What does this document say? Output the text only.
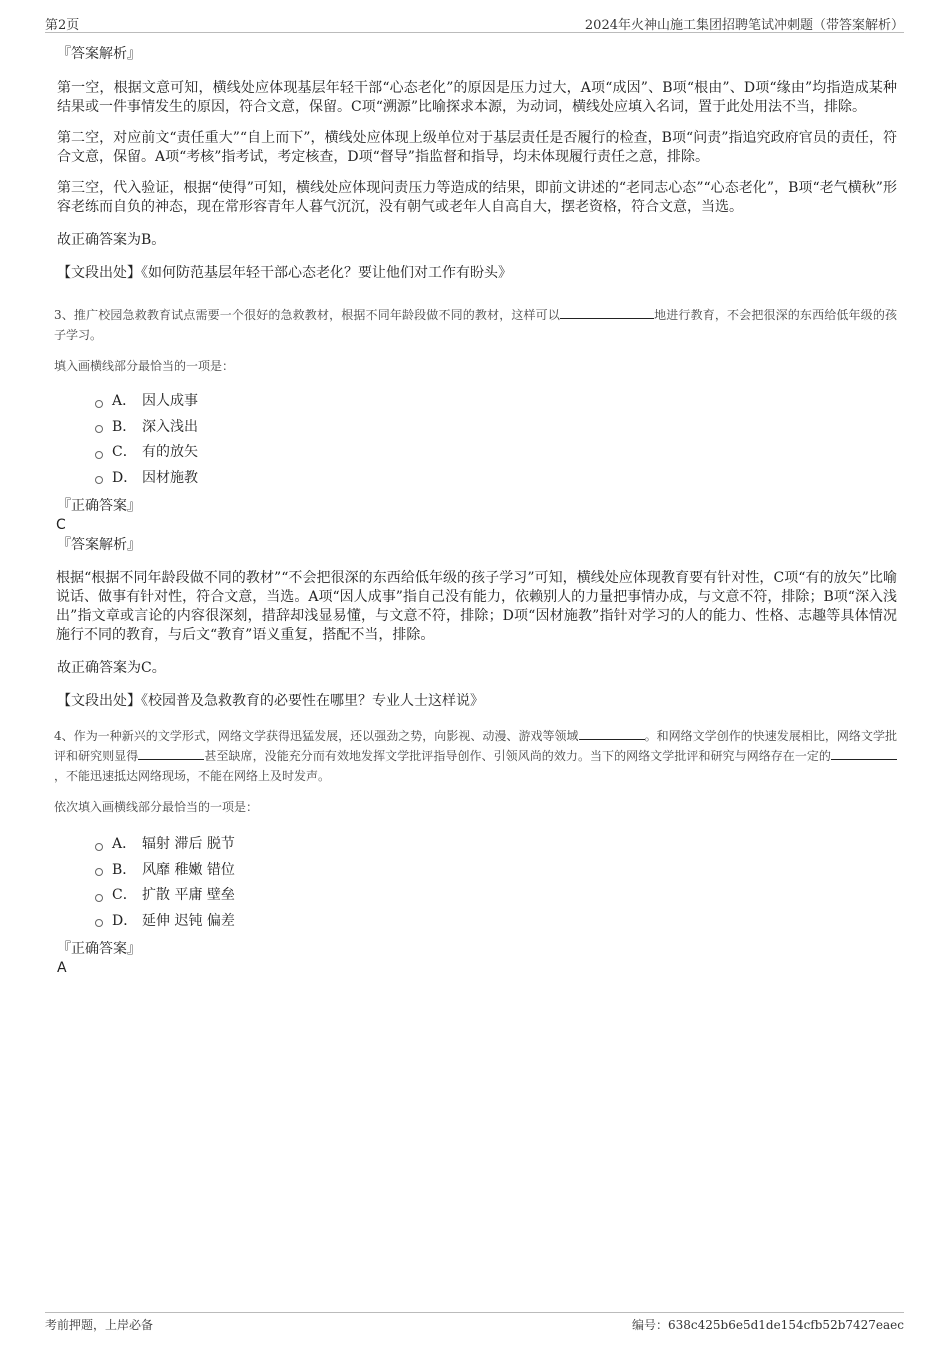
第2页	2024年火神山施工集团招聘笔试冲刺题（带答案解析）

『答案解析』

第一空，根据文意可知，横线处应体现基层年轻干部“心态老化”的原因是压力过大，A项“成因”、B项“根由”、D项“缘由”均指造成某种结果或一件事情发生的原因，符合文意，保留。C项“溯源”比喻探求本源，为动词，横线处应填入名词，置于此处用法不当，排除。

第二空，对应前文“责任重大”“自上而下”，横线处应体现上级单位对于基层责任是否履行的检查，B项“问责”指追究政府官员的责任，符合文意，保留。A项“考核”指考试，考定核查，D项“督导”指监督和指导，均未体现履行责任之意，排除。

第三空，代入验证，根据“使得”可知，横线处应体现问责压力等造成的结果，即前文讲述的“老同志心态”“心态老化”，B项“老气横秋”形容老练而自负的神态，现在常形容青年人暮气沉沉，没有朝气或老年人自高自大，摆老资格，符合文意，当选。

故正确答案为B。

【文段出处】《如何防范基层年轻干部心态老化？要让他们对工作有盼头》

3、推广校园急救教育试点需要一个很好的急救教材，根据不同年龄段做不同的教材，这样可以	地进行教育，不会把很深的东西给低年级的孩子学习。

填入画横线部分最恰当的一项是：

A． 因人成事
B． 深入浅出
C． 有的放矢
D． 因材施教

『正确答案』

C

『答案解析』

根据“根据不同年龄段做不同的教材”“不会把很深的东西给低年级的孩子学习”可知，横线处应体现教育要有针对性，C项“有的放矢”比喻说话、做事有针对性，符合文意，当选。A项“因人成事”指自己没有能力，依赖别人的力量把事情办成，与文意不符，排除；B项“深入浅出”指文章或言论的内容很深刻，措辞却浅显易懂，与文意不符，排除；D项“因材施教”指针对学习的人的能力、性格、志趣等具体情况施行不同的教育，与后文“教育”语义重复，搭配不当，排除。

故正确答案为C。

【文段出处】《校园普及急救教育的必要性在哪里？专业人士这样说》

4、作为一种新兴的文学形式，网络文学获得迅猛发展，还以强劲之势，向影视、动漫、游戏等领域	。和网络文学创作的快速发展相比，网络文学批评和研究则显得	甚至缺席，没能充分而有效地发挥文学批评指导创作、引领风尚的效力。当下的网络文学批评和研究与网络存在一定的，不能迅速抵达网络现场，不能在网络上及时发声。

依次填入画横线部分最恰当的一项是：

A． 辐射 滞后 脱节
B． 风靡 稚嫩 错位
C． 扩散 平庸 壁垒
D． 延伸 迟钝 偏差

『正确答案』

A

考前押题，上岸必备	编号：638c425b6e5d1de154cfb52b7427eaec
